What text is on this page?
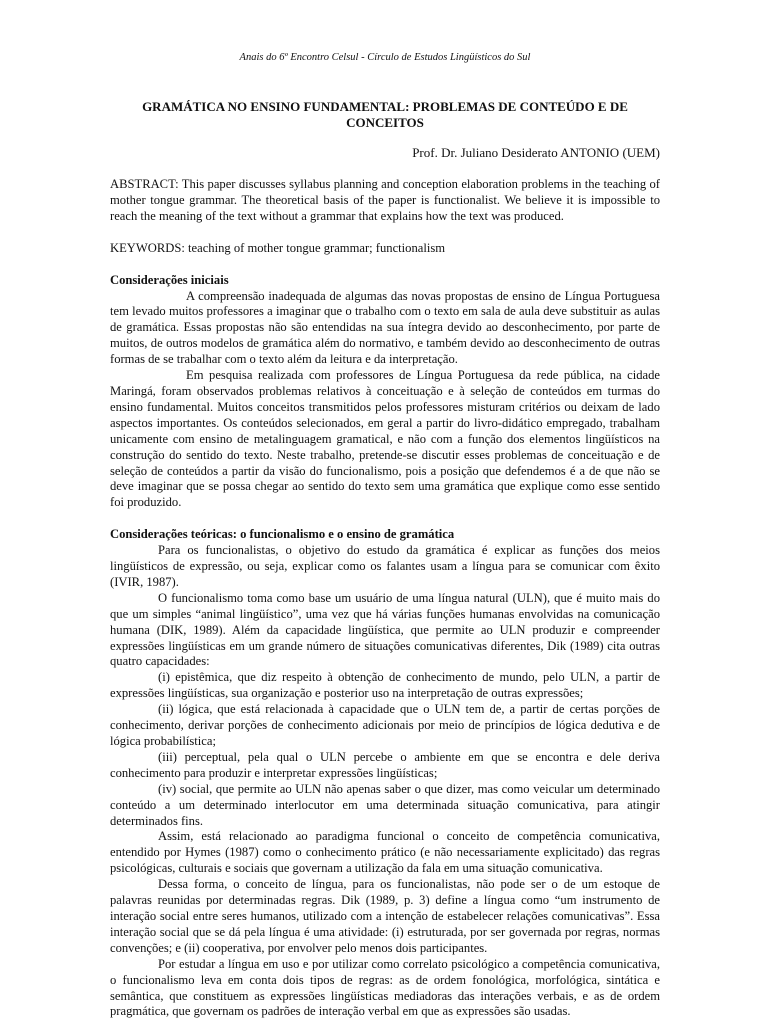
Anais do 6º Encontro Celsul - Círculo de Estudos Lingüísticos do Sul
GRAMÁTICA NO ENSINO FUNDAMENTAL: PROBLEMAS DE CONTEÚDO E DE CONCEITOS
Prof. Dr. Juliano Desiderato ANTONIO (UEM)

ABSTRACT: This paper discusses syllabus planning and conception elaboration problems in the teaching of mother tongue grammar. The theoretical basis of the paper is functionalist. We believe it is impossible to reach the meaning of the text without a grammar that explains how the text was produced.

KEYWORDS: teaching of mother tongue grammar; functionalism

Considerações iniciais

A compreensão inadequada de algumas das novas propostas de ensino de Língua Portuguesa tem levado muitos professores a imaginar que o trabalho com o texto em sala de aula deve substituir as aulas de gramática. Essas propostas não são entendidas na sua íntegra devido ao desconhecimento, por parte de muitos, de outros modelos de gramática além do normativo, e também devido ao desconhecimento de outras formas de se trabalhar com o texto além da leitura e da interpretação.

Em pesquisa realizada com professores de Língua Portuguesa da rede pública, na cidade Maringá, foram observados problemas relativos à conceituação e à seleção de conteúdos em turmas do ensino fundamental. Muitos conceitos transmitidos pelos professores misturam critérios ou deixam de lado aspectos importantes. Os conteúdos selecionados, em geral a partir do livro-didático empregado, trabalham unicamente com ensino de metalinguagem gramatical, e não com a função dos elementos lingüísticos na construção do sentido do texto. Neste trabalho, pretende-se discutir esses problemas de conceituação e de seleção de conteúdos a partir da visão do funcionalismo, pois a posição que defendemos é a de que não se deve imaginar que se possa chegar ao sentido do texto sem uma gramática que explique como esse sentido foi produzido.

Considerações teóricas: o funcionalismo e o ensino de gramática

Para os funcionalistas, o objetivo do estudo da gramática é explicar as funções dos meios lingüísticos de expressão, ou seja, explicar como os falantes usam a língua para se comunicar com êxito (IVIR, 1987).

O funcionalismo toma como base um usuário de uma língua natural (ULN), que é muito mais do que um simples “animal lingüístico”, uma vez que há várias funções humanas envolvidas na comunicação humana (DIK, 1989). Além da capacidade lingüística, que permite ao ULN produzir e compreender expressões lingüísticas em um grande número de situações comunicativas diferentes, Dik (1989) cita outras quatro capacidades:

(i) epistêmica, que diz respeito à obtenção de conhecimento de mundo, pelo ULN, a partir de expressões lingüísticas, sua organização e posterior uso na interpretação de outras expressões;

(ii) lógica, que está relacionada à capacidade que o ULN tem de, a partir de certas porções de conhecimento, derivar porções de conhecimento adicionais por meio de princípios de lógica dedutiva e de lógica probabilística;

(iii) perceptual, pela qual o ULN percebe o ambiente em que se encontra e dele deriva conhecimento para produzir e interpretar expressões lingüísticas;

(iv) social, que permite ao ULN não apenas saber o que dizer, mas como veicular um determinado conteúdo a um determinado interlocutor em uma determinada situação comunicativa, para atingir determinados fins.

Assim, está relacionado ao paradigma funcional o conceito de competência comunicativa, entendido por Hymes (1987) como o conhecimento prático (e não necessariamente explicitado) das regras psicológicas, culturais e sociais que governam a utilização da fala em uma situação comunicativa.

Dessa forma, o conceito de língua, para os funcionalistas, não pode ser o de um estoque de palavras reunidas por determinadas regras. Dik (1989, p. 3) define a língua como “um instrumento de interação social entre seres humanos, utilizado com a intenção de estabelecer relações comunicativas”. Essa interação social que se dá pela língua é uma atividade: (i) estruturada, por ser governada por regras, normas convenções; e (ii) cooperativa, por envolver pelo menos dois participantes.

Por estudar a língua em uso e por utilizar como correlato psicológico a competência comunicativa, o funcionalismo leva em conta dois tipos de regras: as de ordem fonológica, morfológica, sintática e semântica, que constituem as expressões lingüísticas mediadoras das interações verbais, e as de ordem pragmática, que governam os padrões de interação verbal em que as expressões são usadas.
